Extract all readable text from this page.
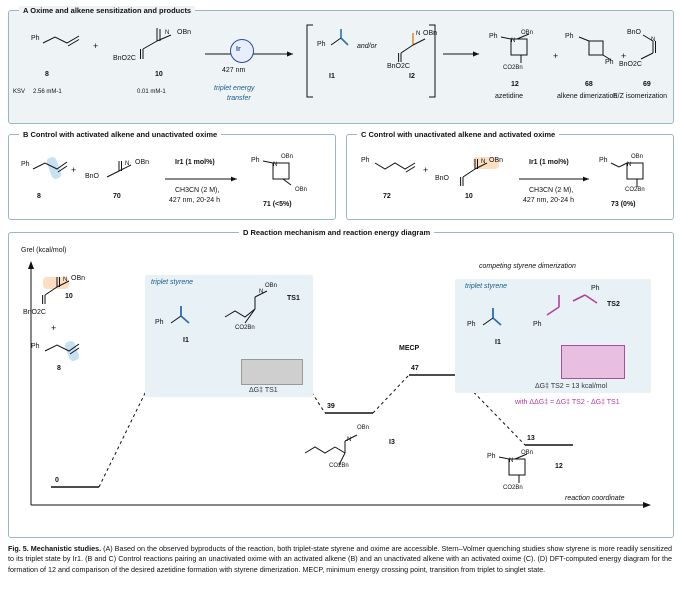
A Oxime and alkene sensitization and products
Ph
8
+
N OBn
BnO2C
10
KSV 2.56 mM-1	0.01 mM-1
Ir
427 nm
triplet energy
transfer
Ph
I1
and/or
N OBn
BnO2C
I2
Ph
N
OBn
CO2Bn
12
azetidine
+
Ph
Ph
68
alkene dimerization
+
BnO
N
BnO2C
69
E/Z isomerization
B Control with activated alkene and unactivated oxime
Ph
8
+
BnO
N OBn
70
Ir1 (1 mol%)
CH3CN (2 M),
427 nm, 20-24 h
Ph
N
OBn
OBn
71 (<5%)
C Control with unactivated alkene and activated oxime
Ph
72
+
BnO
N OBn
10
Ir1 (1 mol%)
CH3CN (2 M),
427 nm, 20-24 h
Ph
N
OBn
CO2Bn
73 (0%)
D Reaction mechanism and reaction energy diagram
Grel (kcal/mol)
reaction coordinate
0
39
47
13
MECP
N OBn
BnO2C
10
+
Ph
8
triplet styrene
Ph
I1
N
OBn
CO2Bn
TS1
ΔG‡ TS1
competing styrene dimerization
triplet styrene
Ph
I1
Ph
Ph
TS2
ΔG‡ TS2 = 13 kcal/mol
with ΔΔG‡ = ΔG‡ TS2 - ΔG‡ TS1
N
OBn
CO2Bn
I3
Ph
N
OBn
CO2Bn
12
Fig. 5. Mechanistic studies. (A) Based on the observed byproducts of the reaction, both triplet-state styrene and oxime are accessible. Stern–Volmer quenching studies show styrene is more readily sensitized to its triplet state by Ir1. (B and C) Control reactions pairing an unactivated oxime with an activated alkene (B) and an unactivated alkene with an activated oxime (C). (D) DFT-computed energy diagram for the formation of 12 and comparison of the desired azetidine formation with styrene dimerization. MECP, minimum energy crossing point, transition from triplet to singlet state.
